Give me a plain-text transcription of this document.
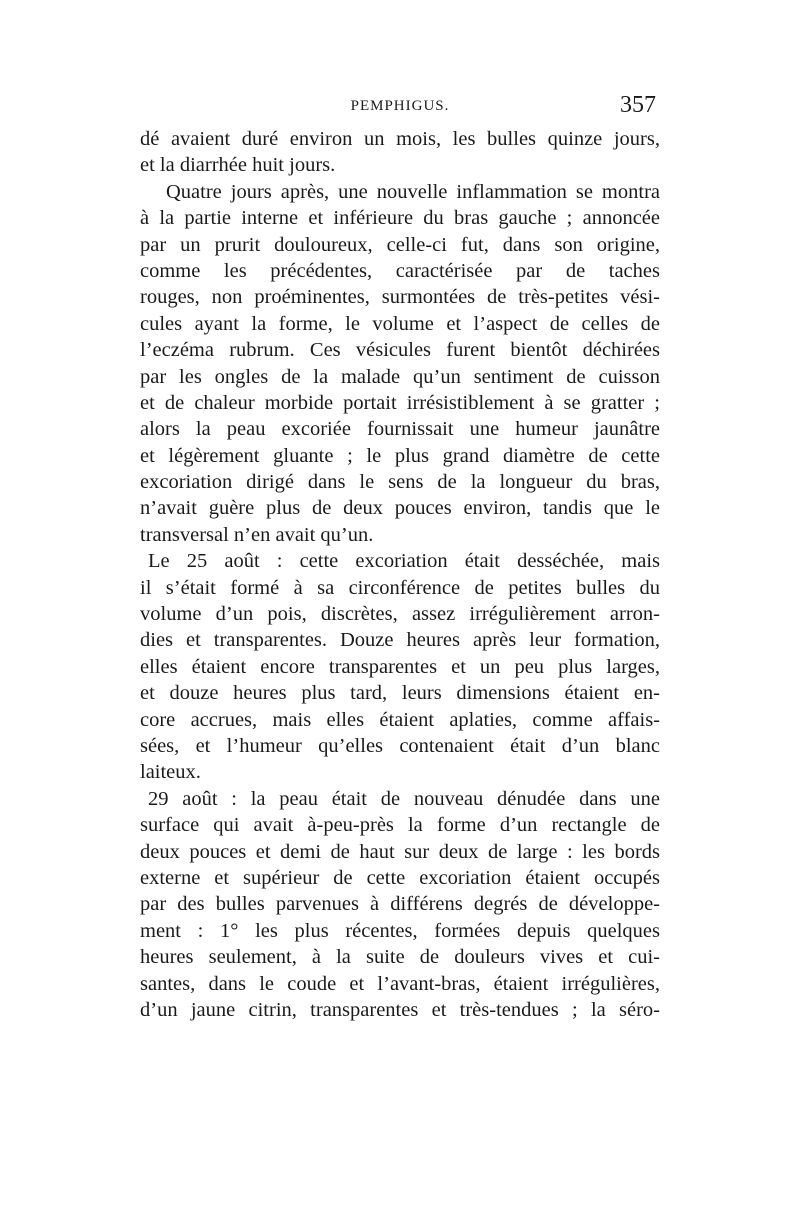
PEMPHIGUS.	357
dé avaient duré environ un mois, les bulles quinze jours,
et la diarrhée huit jours.
Quatre jours après, une nouvelle inflammation se montra
à la partie interne et inférieure du bras gauche ; annoncée
par un prurit douloureux, celle-ci fut, dans son origine,
comme les précédentes, caractérisée par de taches
rouges, non proéminentes, surmontées de très-petites vési-
cules ayant la forme, le volume et l’aspect de celles de
l’eczéma rubrum. Ces vésicules furent bientôt déchirées
par les ongles de la malade qu’un sentiment de cuisson
et de chaleur morbide portait irrésistiblement à se gratter ;
alors la peau excoriée fournissait une humeur jaunâtre
et légèrement gluante ; le plus grand diamètre de cette
excoriation dirigé dans le sens de la longueur du bras,
n’avait guère plus de deux pouces environ, tandis que le
transversal n’en avait qu’un.
Le 25 août : cette excoriation était desséchée, mais
il s’était formé à sa circonférence de petites bulles du
volume d’un pois, discrètes, assez irrégulièrement arron-
dies et transparentes. Douze heures après leur formation,
elles étaient encore transparentes et un peu plus larges,
et douze heures plus tard, leurs dimensions étaient en-
core accrues, mais elles étaient aplaties, comme affais-
sées, et l’humeur qu’elles contenaient était d’un blanc
laiteux.
29 août : la peau était de nouveau dénudée dans une
surface qui avait à-peu-près la forme d’un rectangle de
deux pouces et demi de haut sur deux de large : les bords
externe et supérieur de cette excoriation étaient occupés
par des bulles parvenues à différens degrés de développe-
ment : 1° les plus récentes, formées depuis quelques
heures seulement, à la suite de douleurs vives et cui-
santes, dans le coude et l’avant-bras, étaient irrégulières,
d’un jaune citrin, transparentes et très-tendues ; la séro-
